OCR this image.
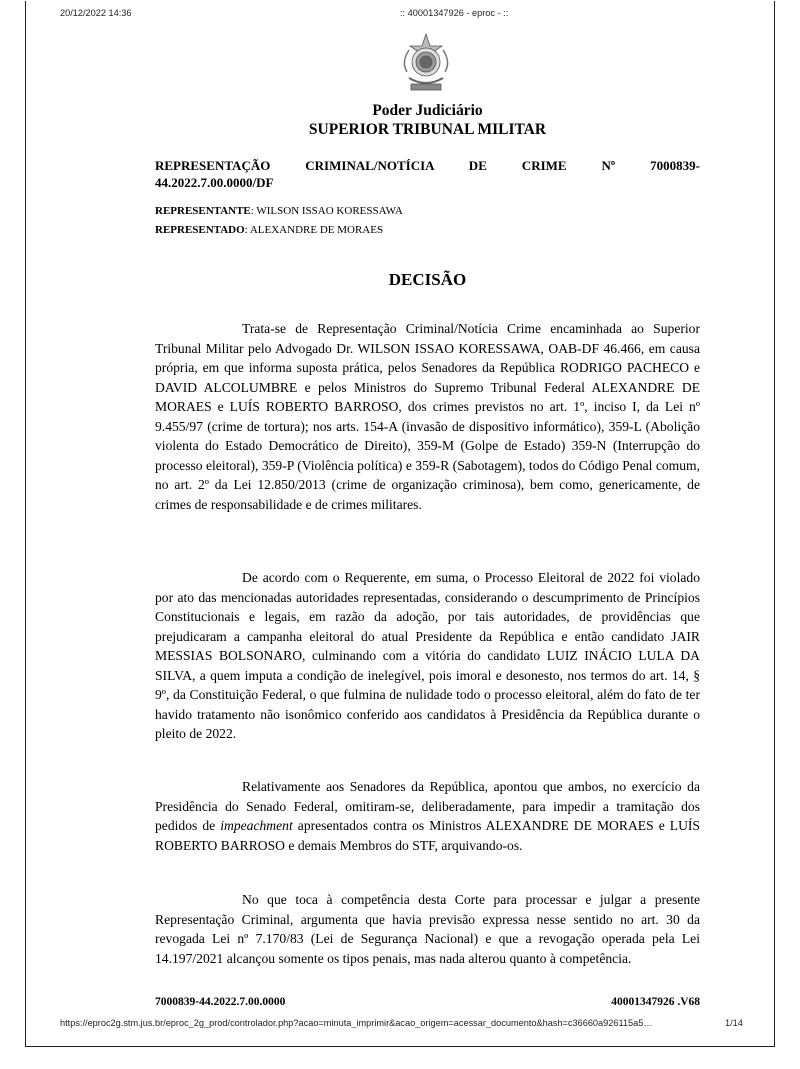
20/12/2022 14:36	:: 40001347926 - eproc - ::
Poder Judiciário
SUPERIOR TRIBUNAL MILITAR
REPRESENTAÇÃO CRIMINAL/NOTÍCIA DE CRIME Nº 7000839-
44.2022.7.00.0000/DF
REPRESENTANTE: WILSON ISSAO KORESSAWA
REPRESENTADO: ALEXANDRE DE MORAES
DECISÃO

Trata-se de Representação Criminal/Notícia Crime encaminhada ao Superior Tribunal Militar pelo Advogado Dr. WILSON ISSAO KORESSAWA, OAB-DF 46.466, em causa própria, em que informa suposta prática, pelos Senadores da República RODRIGO PACHECO e DAVID ALCOLUMBRE e pelos Ministros do Supremo Tribunal Federal ALEXANDRE DE MORAES e LUÍS ROBERTO BARROSO, dos crimes previstos no art. 1º, inciso I, da Lei nº 9.455/97 (crime de tortura); nos arts. 154-A (invasão de dispositivo informático), 359-L (Abolição violenta do Estado Democrático de Direito), 359-M (Golpe de Estado) 359-N (Interrupção do processo eleitoral), 359-P (Violência política) e 359-R (Sabotagem), todos do Código Penal comum, no art. 2º da Lei 12.850/2013 (crime de organização criminosa), bem como, genericamente, de crimes de responsabilidade e de crimes militares.

De acordo com o Requerente, em suma, o Processo Eleitoral de 2022 foi violado por ato das mencionadas autoridades representadas, considerando o descumprimento de Princípios Constitucionais e legais, em razão da adoção, por tais autoridades, de providências que prejudicaram a campanha eleitoral do atual Presidente da República e então candidato JAIR MESSIAS BOLSONARO, culminando com a vitória do candidato LUIZ INÁCIO LULA DA SILVA, a quem imputa a condição de inelegível, pois imoral e desonesto, nos termos do art. 14, § 9º, da Constituição Federal, o que fulmina de nulidade todo o processo eleitoral, além do fato de ter havido tratamento não isonômico conferido aos candidatos à Presidência da República durante o pleito de 2022.

Relativamente aos Senadores da República, apontou que ambos, no exercício da Presidência do Senado Federal, omitiram-se, deliberadamente, para impedir a tramitação dos pedidos de impeachment apresentados contra os Ministros ALEXANDRE DE MORAES e LUÍS ROBERTO BARROSO e demais Membros do STF, arquivando-os.

No que toca à competência desta Corte para processar e julgar a presente Representação Criminal, argumenta que havia previsão expressa nesse sentido no art. 30 da revogada Lei nº 7.170/83 (Lei de Segurança Nacional) e que a revogação operada pela Lei 14.197/2021 alcançou somente os tipos penais, mas nada alterou quanto à competência.

7000839-44.2022.7.00.0000	40001347926 .V68
https://eproc2g.stm.jus.br/eproc_2g_prod/controlador.php?acao=minuta_imprimir&acao_origem=acessar_documento&hash=c36660a926115a5…	1/14
